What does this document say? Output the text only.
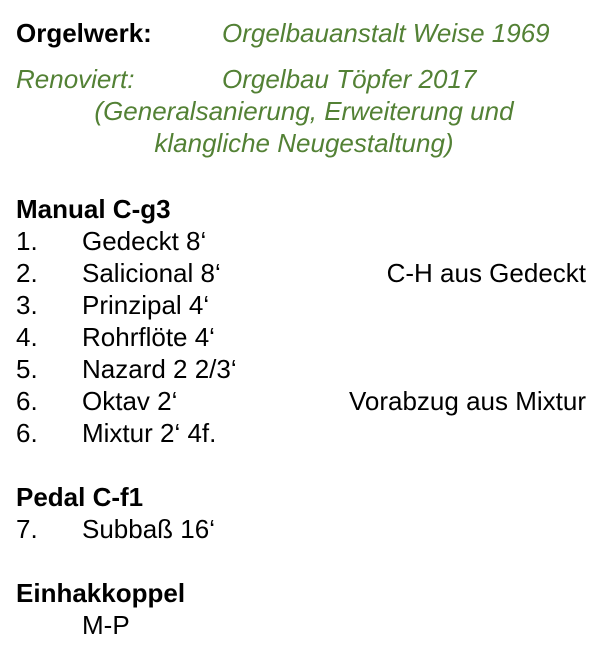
Orgelwerk:	Orgelbauanstalt Weise 1969
Renoviert:	Orgelbau Töpfer 2017
(Generalsanierung, Erweiterung und
klangliche Neugestaltung)
Manual C-g3
1. Gedeckt 8‘
2. Salicional 8‘	C-H aus Gedeckt
3. Prinzipal 4‘
4. Rohrflöte 4‘
5. Nazard 2 2/3‘
6. Oktav 2‘	Vorabzug aus Mixtur
6. Mixtur 2‘ 4f.
Pedal C-f1
7. Subbaß 16‘
Einhakkoppel
M-P
